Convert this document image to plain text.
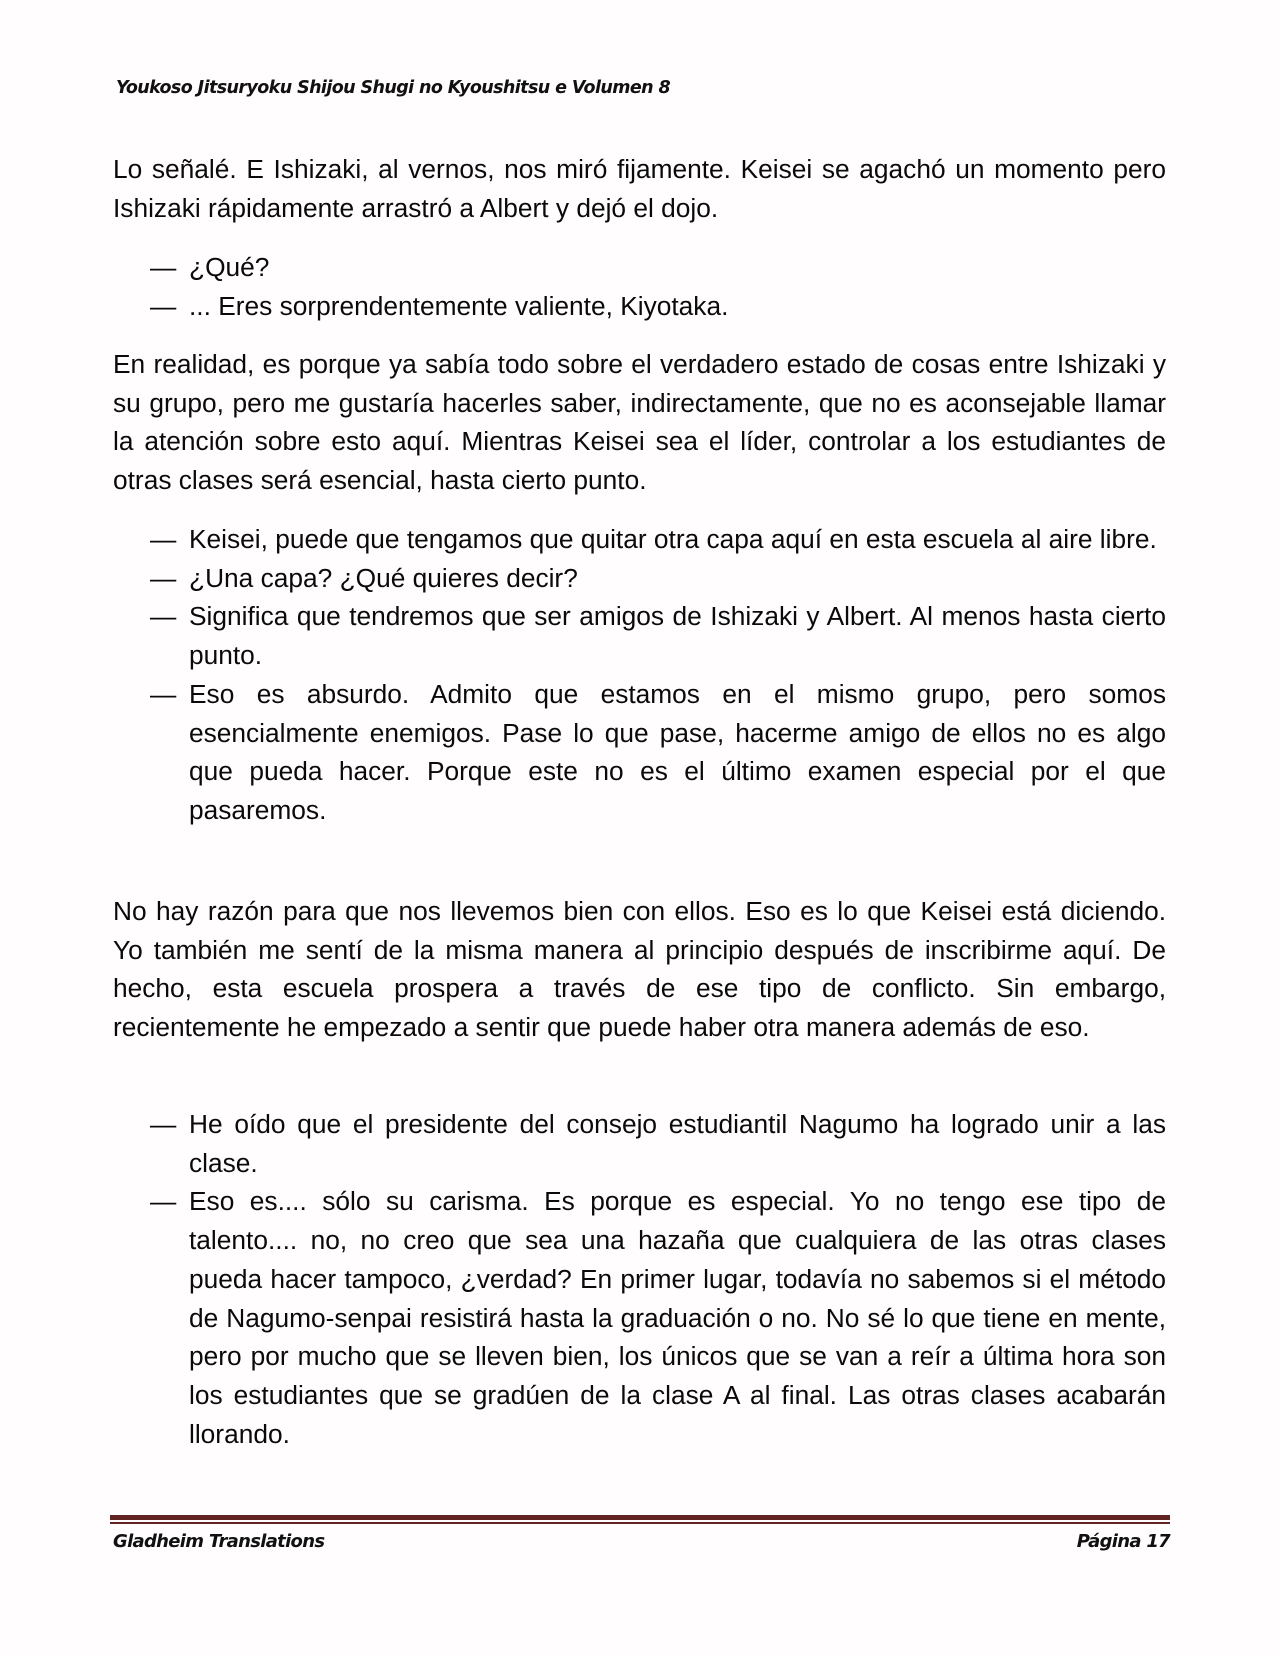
Youkoso Jitsuryoku Shijou Shugi no Kyoushitsu e Volumen 8

Lo señalé. E Ishizaki, al vernos, nos miró fijamente. Keisei se agachó un momento pero Ishizaki rápidamente arrastró a Albert y dejó el dojo.

— ¿Qué?
— ... Eres sorprendentemente valiente, Kiyotaka.

En realidad, es porque ya sabía todo sobre el verdadero estado de cosas entre Ishizaki y su grupo, pero me gustaría hacerles saber, indirectamente, que no es aconsejable llamar la atención sobre esto aquí. Mientras Keisei sea el líder, controlar a los estudiantes de otras clases será esencial, hasta cierto punto.

— Keisei, puede que tengamos que quitar otra capa aquí en esta escuela al aire libre.
— ¿Una capa? ¿Qué quieres decir?
— Significa que tendremos que ser amigos de Ishizaki y Albert. Al menos hasta cierto punto.
— Eso es absurdo. Admito que estamos en el mismo grupo, pero somos esencialmente enemigos. Pase lo que pase, hacerme amigo de ellos no es algo que pueda hacer. Porque este no es el último examen especial por el que pasaremos.

No hay razón para que nos llevemos bien con ellos. Eso es lo que Keisei está diciendo. Yo también me sentí de la misma manera al principio después de inscribirme aquí. De hecho, esta escuela prospera a través de ese tipo de conflicto. Sin embargo, recientemente he empezado a sentir que puede haber otra manera además de eso.

— He oído que el presidente del consejo estudiantil Nagumo ha logrado unir a las clase.
— Eso es.... sólo su carisma. Es porque es especial. Yo no tengo ese tipo de talento.... no, no creo que sea una hazaña que cualquiera de las otras clases pueda hacer tampoco, ¿verdad? En primer lugar, todavía no sabemos si el método de Nagumo-senpai resistirá hasta la graduación o no. No sé lo que tiene en mente, pero por mucho que se lleven bien, los únicos que se van a reír a última hora son los estudiantes que se gradúen de la clase A al final. Las otras clases acabarán llorando.
Gladheim Translations	Página 17
